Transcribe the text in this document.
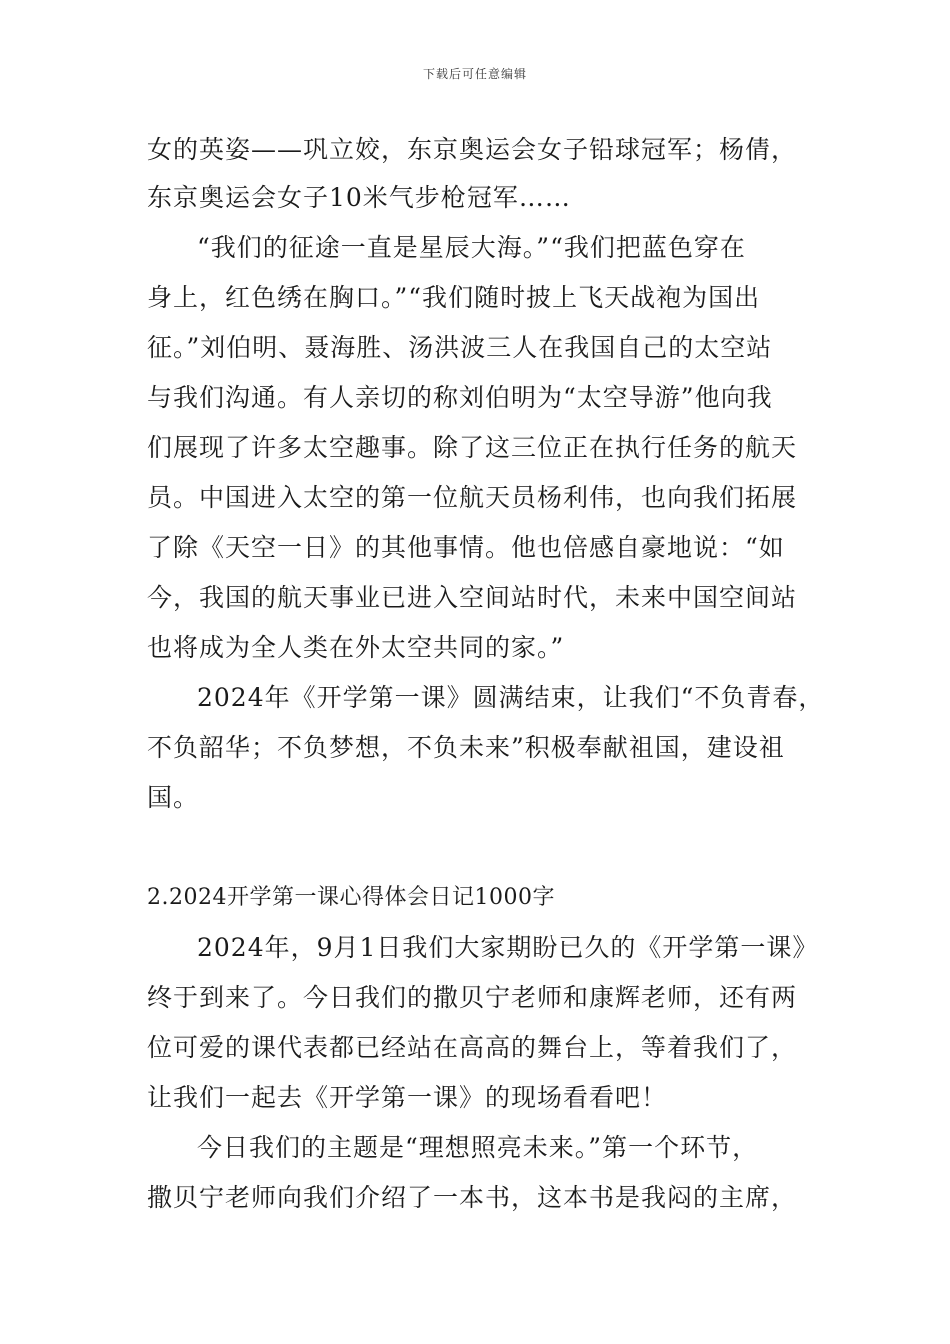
下载后可任意编辑
女的英姿——巩立姣，东京奥运会女子铅球冠军；杨倩，
东京奥运会女子10米气步枪冠军……
“我们的征途一直是星辰大海。”“我们把蓝色穿在
身上，红色绣在胸口。”“我们随时披上飞天战袍为国出
征。”刘伯明、聂海胜、汤洪波三人在我国自己的太空站
与我们沟通。有人亲切的称刘伯明为“太空导游”他向我
们展现了许多太空趣事。除了这三位正在执行任务的航天
员。中国进入太空的第一位航天员杨利伟，也向我们拓展
了除《天空一日》的其他事情。他也倍感自豪地说：“如
今，我国的航天事业已进入空间站时代，未来中国空间站
也将成为全人类在外太空共同的家。”
2024年《开学第一课》圆满结束，让我们“不负青春，
不负韶华；不负梦想，不负未来”积极奉献祖国，建设祖
国。
2.2024开学第一课心得体会日记1000字
2024年，9月1日我们大家期盼已久的《开学第一课》
终于到来了。今日我们的撒贝宁老师和康辉老师，还有两
位可爱的课代表都已经站在高高的舞台上，等着我们了，
让我们一起去《开学第一课》的现场看看吧！
今日我们的主题是“理想照亮未来。”第一个环节，
撒贝宁老师向我们介绍了一本书，这本书是我闷的主席，
